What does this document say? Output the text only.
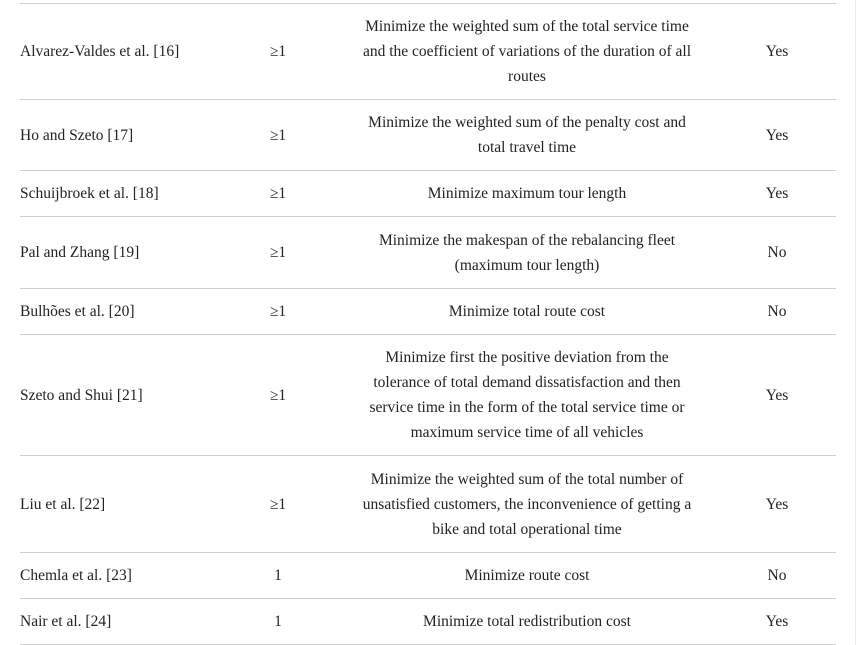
Alvarez-Valdes et al. [16]	≥1	Minimize the weighted sum of the total service time and the coefficient of variations of the duration of all routes	Yes
Ho and Szeto [17]	≥1	Minimize the weighted sum of the penalty cost and total travel time	Yes
Schuijbroek et al. [18]	≥1	Minimize maximum tour length	Yes
Pal and Zhang [19]	≥1	Minimize the makespan of the rebalancing fleet (maximum tour length)	No
Bulhões et al. [20]	≥1	Minimize total route cost	No
Szeto and Shui [21]	≥1	Minimize first the positive deviation from the tolerance of total demand dissatisfaction and then service time in the form of the total service time or maximum service time of all vehicles	Yes
Liu et al. [22]	≥1	Minimize the weighted sum of the total number of unsatisfied customers, the inconvenience of getting a bike and total operational time	Yes
Chemla et al. [23]	1	Minimize route cost	No
Nair et al. [24]	1	Minimize total redistribution cost	Yes
